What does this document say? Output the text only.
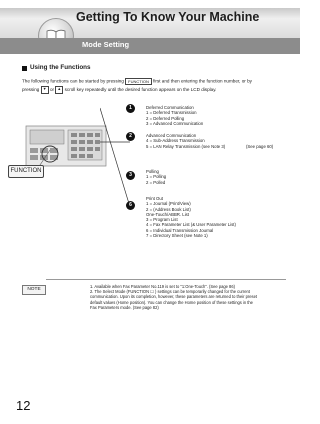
Getting To Know Your Machine
Mode Setting
Using the Functions
The following functions can be started by pressing FUNCTION first and then entering the function number, or by
pressing ▼ or ▲ scroll key repeatedly until the desired function appears on the LCD display.
FUNCTION
1	Deferred Communication
1 = Deferred Transmission
2 = Deferred Polling
3 = Advanced Communication
2	Advanced Communication
4 = Sub-Address Transmission
5 = LAN Relay Transmission (see Note 3)	(See page 60)
3
Polling
1 = Polling
2 = Polled
6
Print Out
1 = Journal (Print/View)
2 = (Address Book List)
One-Touch/ABBR. List
3 = Program List
4 = Fax Parameter List (& User Parameter List)
6 = Individual Transmission Journal
7 = Directory Sheet (see Note 1)
NOTE
1. Available when Fax Parameter No.119 is set to "1:One-Touch". (See page 86)
2. The Select Mode (FUNCTION ☐ ) settings can be temporarily changed for the current
communication. Upon its completion, however, these parameters are returned to their preset
default values (Home position). You can change the Home position of these settings in the
Fax Parameters mode. (See page 82)
12
